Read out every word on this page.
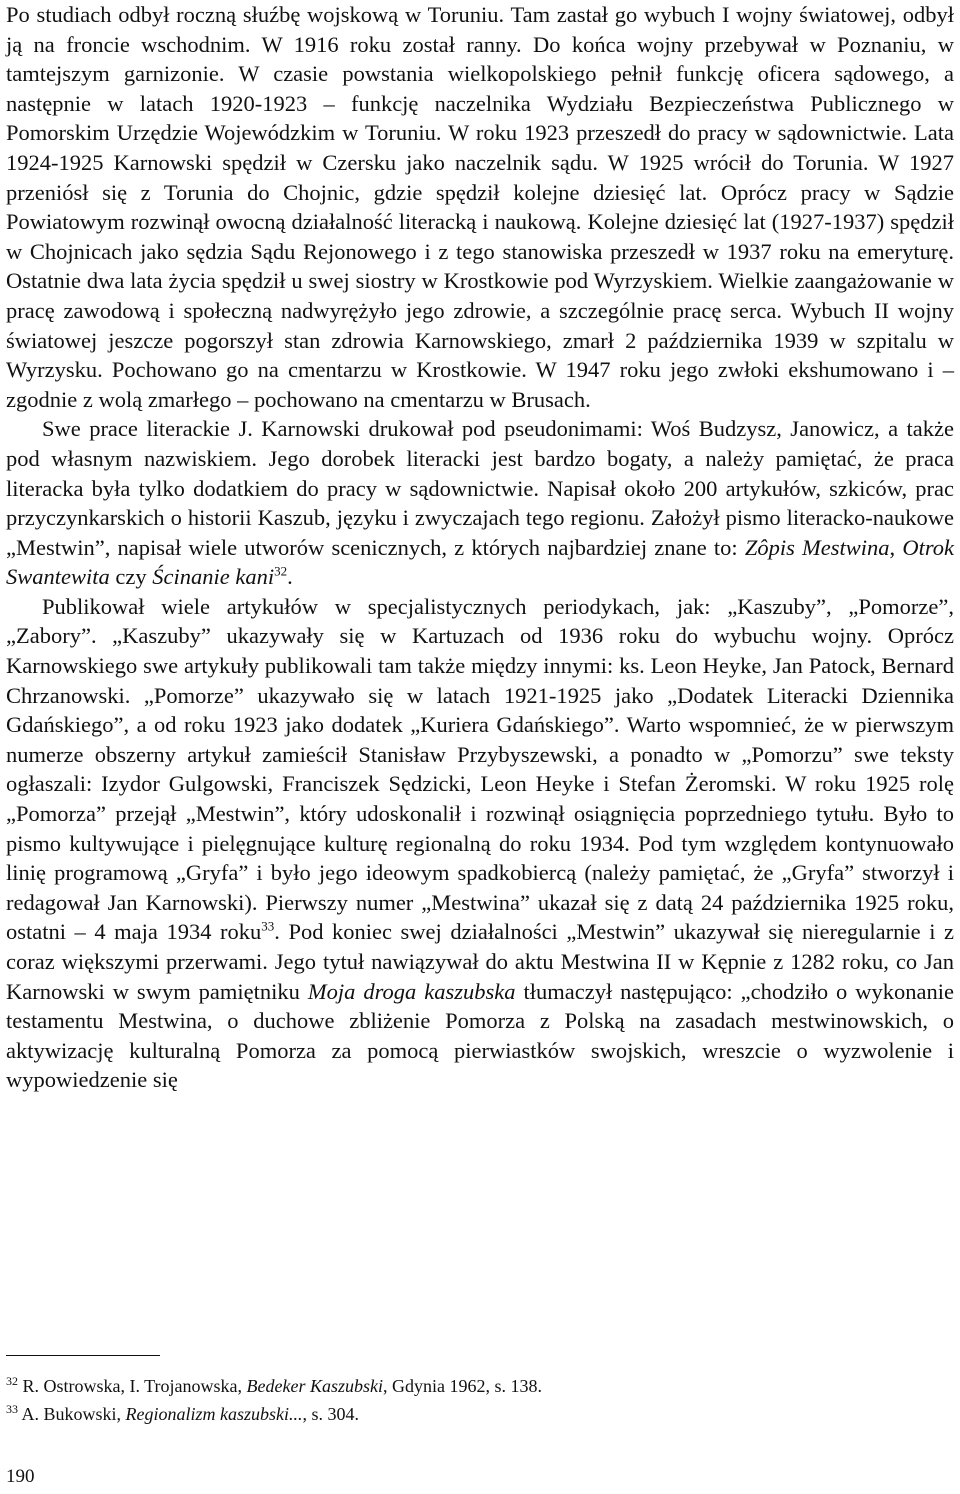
Po studiach odbył roczną słuźbę wojskową w Toruniu. Tam zastał go wybuch I wojny światowej, odbył ją na froncie wschodnim. W 1916 roku został ranny. Do końca wojny przebywał w Poznaniu, w tamtejszym garnizonie. W czasie powstania wielkopolskiego pełnił funkcję oficera sądowego, a następnie w latach 1920-1923 – funkcję naczelnika Wydziału Bezpieczeństwa Publicznego w Pomorskim Urzędzie Wojewódzkim w Toruniu. W roku 1923 przeszedł do pracy w sądownictwie. Lata 1924-1925 Karnowski spędził w Czersku jako naczelnik sądu. W 1925 wrócił do Torunia. W 1927 przeniósł się z Torunia do Chojnic, gdzie spędził kolejne dziesięć lat. Oprócz pracy w Sądzie Powiatowym rozwinął owocną działalność literacką i naukową. Kolejne dziesięć lat (1927-1937) spędził w Chojnicach jako sędzia Sądu Rejonowego i z tego stanowiska przeszedł w 1937 roku na emeryturę. Ostatnie dwa lata życia spędził u swej siostry w Krostkowie pod Wyrzyskiem. Wielkie zaangażowanie w pracę zawodową i społeczną nadwyrężyło jego zdrowie, a szczególnie pracę serca. Wybuch II wojny światowej jeszcze pogorszył stan zdrowia Karnowskiego, zmarł 2 października 1939 w szpitalu w Wyrzysku. Pochowano go na cmentarzu w Krostkowie. W 1947 roku jego zwłoki ekshumowano i – zgodnie z wolą zmarłego – pochowano na cmentarzu w Brusach.

Swe prace literackie J. Karnowski drukował pod pseudonimami: Woś Budzysz, Janowicz, a także pod własnym nazwiskiem. Jego dorobek literacki jest bardzo bogaty, a należy pamiętać, że praca literacka była tylko dodatkiem do pracy w sądownictwie. Napisał około 200 artykułów, szkiców, prac przyczynkarskich o historii Kaszub, języku i zwyczajach tego regionu. Założył pismo literacko-naukowe „Mestwin”, napisał wiele utworów scenicznych, z których najbardziej znane to: Zôpis Mestwina, Otrok Swantewita czy Ścinanie kani$^{32}$.

Publikował wiele artykułów w specjalistycznych periodykach, jak: „Kaszuby”, „Pomorze”, „Zabory”. „Kaszuby” ukazywały się w Kartuzach od 1936 roku do wybuchu wojny. Oprócz Karnowskiego swe artykuły publikowali tam także między innymi: ks. Leon Heyke, Jan Patock, Bernard Chrzanowski. „Pomorze” ukazywało się w latach 1921-1925 jako „Dodatek Literacki Dziennika Gdańskiego”, a od roku 1923 jako dodatek „Kuriera Gdańskiego”. Warto wspomnieć, że w pierwszym numerze obszerny artykuł zamieścił Stanisław Przybyszewski, a ponadto w „Pomorzu” swe teksty ogłaszali: Izydor Gulgowski, Franciszek Sędzicki, Leon Heyke i Stefan Żeromski. W roku 1925 rolę „Pomorza” przejął „Mestwin”, który udoskonalił i rozwinął osiągnięcia poprzedniego tytułu. Było to pismo kultywujące i pielęgnujące kulturę regionalną do roku 1934. Pod tym względem kontynuowało linię programową „Gryfa” i było jego ideowym spadkobiercą (należy pamiętać, że „Gryfa” stworzył i redagował Jan Karnowski). Pierwszy numer „Mestwina” ukazał się z datą 24 października 1925 roku, ostatni – 4 maja 1934 roku$^{33}$. Pod koniec swej działalności „Mestwin” ukazywał się nieregularnie i z coraz większymi przerwami. Jego tytuł nawiązywał do aktu Mestwina II w Kępnie z 1282 roku, co Jan Karnowski w swym pamiętniku Moja droga kaszubska tłumaczył następująco: „chodziło o wykonanie testamentu Mestwina, o duchowe zbliżenie Pomorza z Polską na zasadach mestwinowskich, o aktywizację kulturalną Pomorza za pomocą pierwiastków swojskich, wreszcie o wyzwolenie i wypowiedzenie się

$^{32}$ R. Ostrowska, I. Trojanowska, Bedeker Kaszubski, Gdynia 1962, s. 138.

$^{33}$ A. Bukowski, Regionalizm kaszubski..., s. 304.

190
